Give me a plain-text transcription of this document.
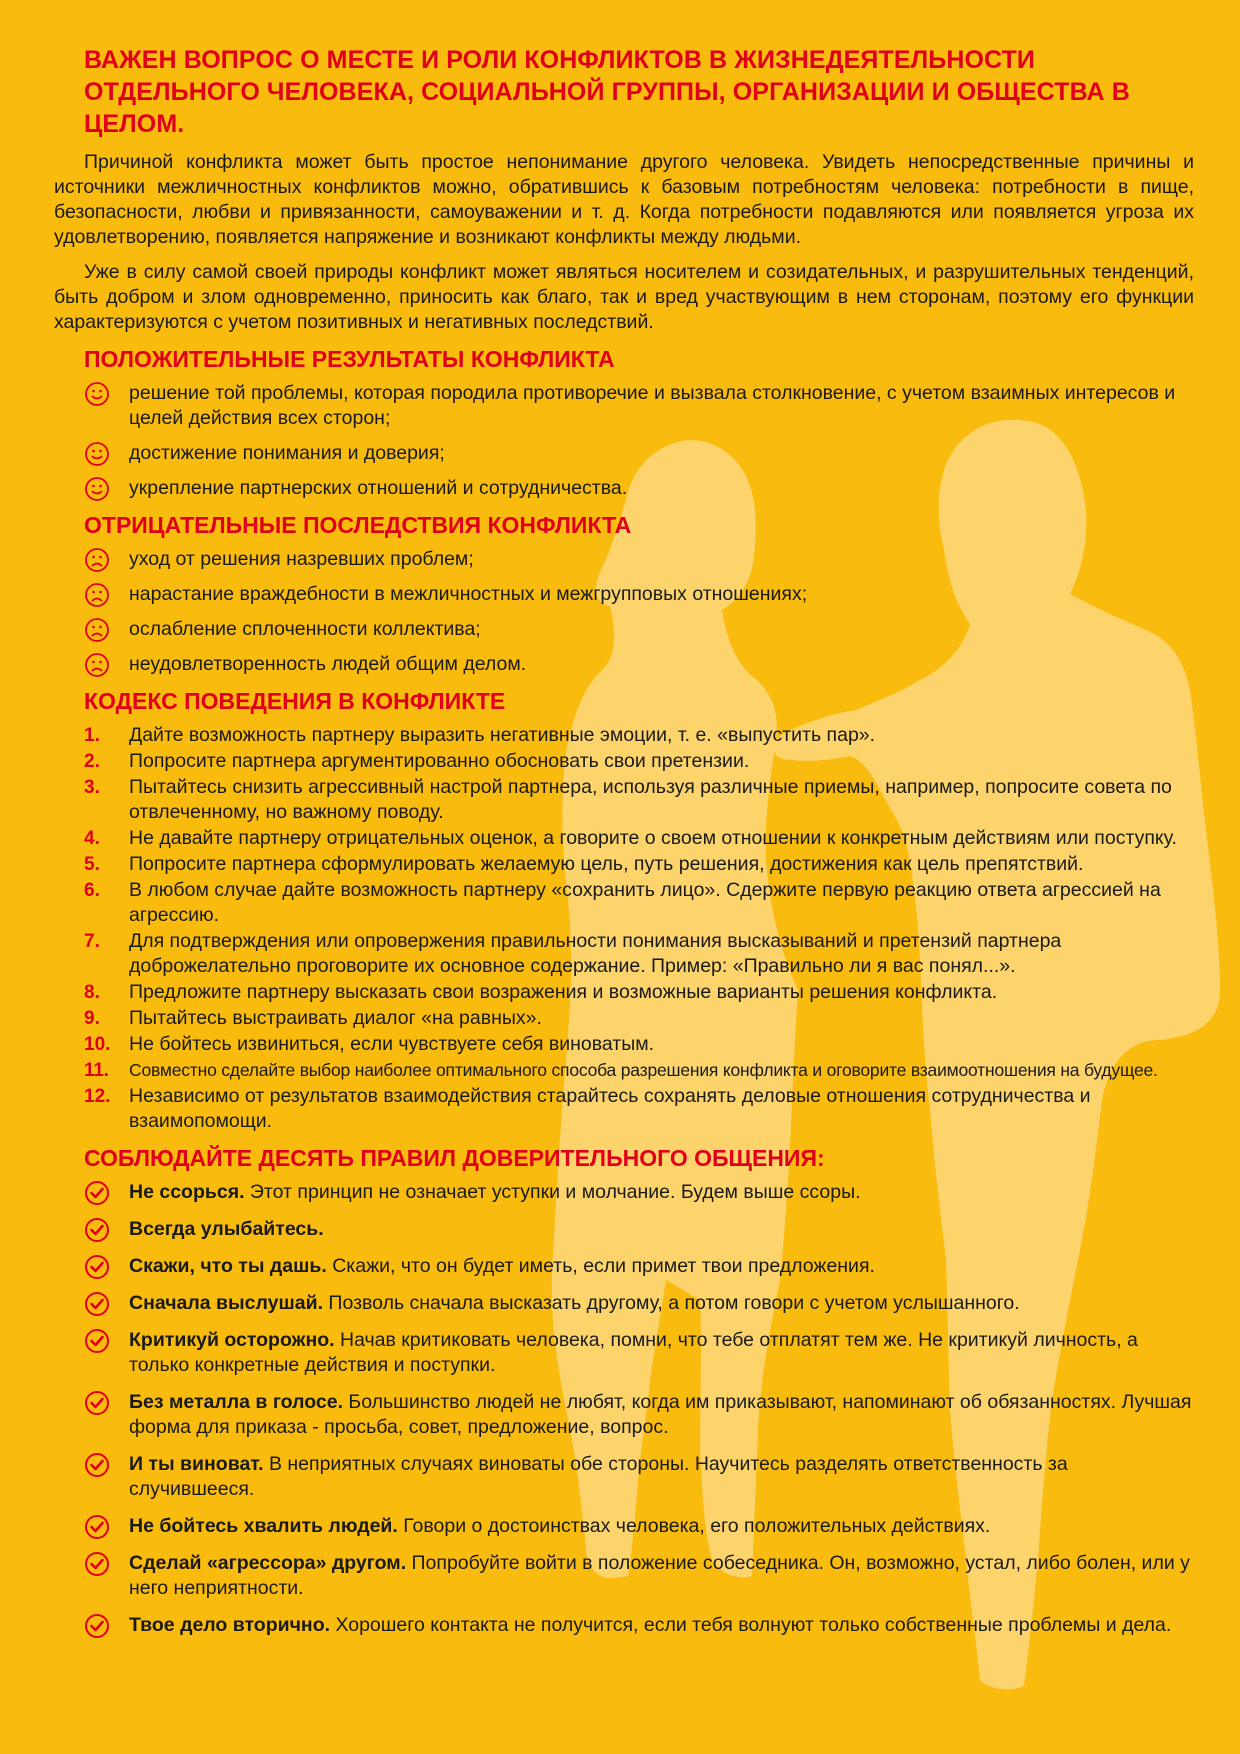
ВАЖЕН ВОПРОС О МЕСТЕ И РОЛИ КОНФЛИКТОВ В ЖИЗНЕДЕЯТЕЛЬНОСТИ ОТДЕЛЬНОГО ЧЕЛОВЕКА, СОЦИАЛЬНОЙ ГРУППЫ, ОРГАНИЗАЦИИ И ОБЩЕСТВА В ЦЕЛОМ.

Причиной конфликта может быть простое непонимание другого человека. Увидеть непосредственные причины и источники межличностных конфликтов можно, обратившись к базовым потребностям человека: потребности в пище, безопасности, любви и привязанности, самоуважении и т. д. Когда потребности подавляются или появляется угроза их удовлетворению, появляется напряжение и возникают конфликты между людьми.

Уже в силу самой своей природы конфликт может являться носителем и созидательных, и разрушительных тенденций, быть добром и злом одновременно, приносить как благо, так и вред участвующим в нем сторонам, поэтому его функции характеризуются с учетом позитивных и негативных последствий.

ПОЛОЖИТЕЛЬНЫЕ РЕЗУЛЬТАТЫ КОНФЛИКТА
решение той проблемы, которая породила противоречие и вызвала столкновение, с учетом взаимных интересов и целей действия всех сторон;
достижение понимания и доверия;
укрепление партнерских отношений и сотрудничества.
ОТРИЦАТЕЛЬНЫЕ ПОСЛЕДСТВИЯ КОНФЛИКТА
уход от решения назревших проблем;
нарастание враждебности в межличностных и межгрупповых отношениях;
ослабление сплоченности коллектива;
неудовлетворенность людей общим делом.
КОДЕКС ПОВЕДЕНИЯ В КОНФЛИКТЕ
1. Дайте возможность партнеру выразить негативные эмоции, т. е. «выпустить пар».
2. Попросите партнера аргументированно обосновать свои претензии.
3. Пытайтесь снизить агрессивный настрой партнера, используя различные приемы, например, попросите совета по отвлеченному, но важному поводу.
4. Не давайте партнеру отрицательных оценок, а говорите о своем отношении к конкретным действиям или поступку.
5. Попросите партнера сформулировать желаемую цель, путь решения, достижения как цель препятствий.
6. В любом случае дайте возможность партнеру «сохранить лицо». Сдержите первую реакцию ответа агрессией на агрессию.
7. Для подтверждения или опровержения правильности понимания высказываний и претензий партнера доброжелательно проговорите их основное содержание. Пример: «Правильно ли я вас понял...».
8. Предложите партнеру высказать свои возражения и возможные варианты решения конфликта.
9. Пытайтесь выстраивать диалог «на равных».
10. Не бойтесь извиниться, если чувствуете себя виноватым.
11. Совместно сделайте выбор наиболее оптимального способа разрешения конфликта и оговорите взаимоотношения на будущее.
12. Независимо от результатов взаимодействия старайтесь сохранять деловые отношения сотрудничества и взаимопомощи.
СОБЛЮДАЙТЕ ДЕСЯТЬ ПРАВИЛ ДОВЕРИТЕЛЬНОГО ОБЩЕНИЯ:
Не ссорься. Этот принцип не означает уступки и молчание. Будем выше ссоры.
Всегда улыбайтесь.
Скажи, что ты дашь. Скажи, что он будет иметь, если примет твои предложения.
Сначала выслушай. Позволь сначала высказать другому, а потом говори с учетом услышанного.
Критикуй осторожно. Начав критиковать человека, помни, что тебе отплатят тем же. Не критикуй личность, а только конкретные действия и поступки.
Без металла в голосе. Большинство людей не любят, когда им приказывают, напоминают об обязанностях. Лучшая форма для приказа - просьба, совет, предложение, вопрос.
И ты виноват. В неприятных случаях виноваты обе стороны. Научитесь разделять ответственность за случившееся.
Не бойтесь хвалить людей. Говори о достоинствах человека, его положительных действиях.
Сделай «агрессора» другом. Попробуйте войти в положение собеседника. Он, возможно, устал, либо болен, или у него неприятности.
Твое дело вторично. Хорошего контакта не получится, если тебя волнуют только собственные проблемы и дела.
